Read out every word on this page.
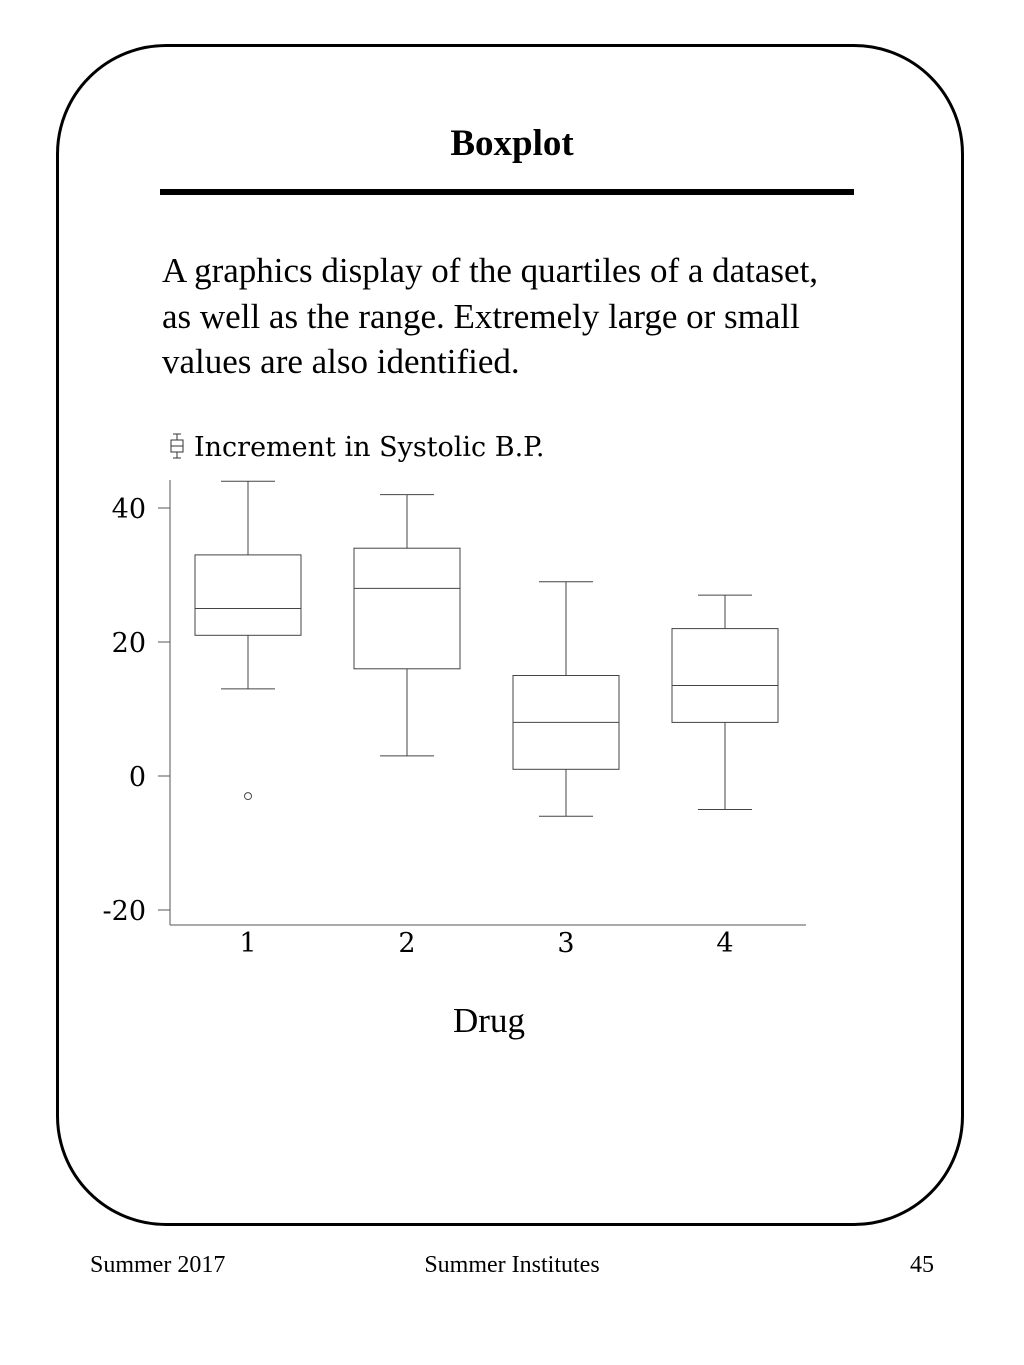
Boxplot
A graphics display of the quartiles of a dataset,
as well as the range. Extremely large or small
values are also identified.
Increment in Systolic B.P.
40
20
0
-20
1	2	3	4
Drug
Summer 2017	Summer Institutes	45
